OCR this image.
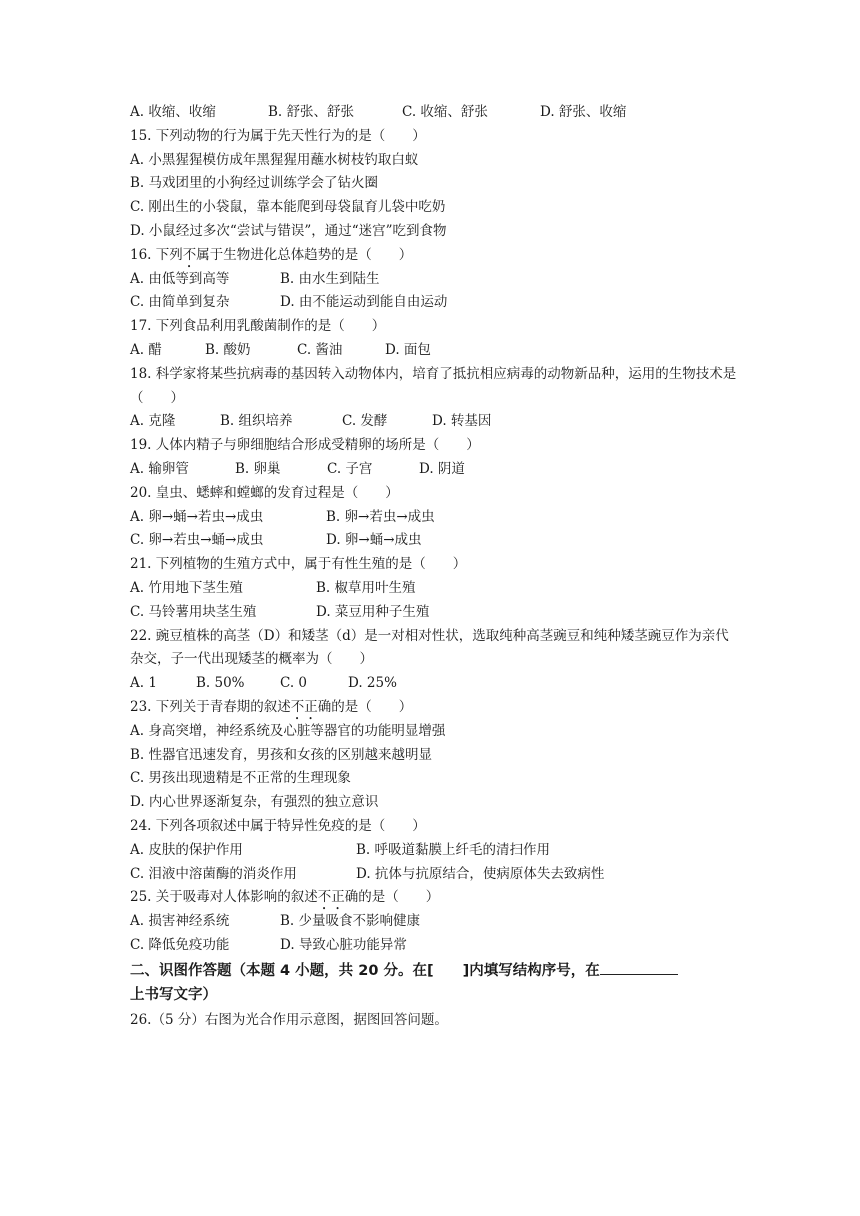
A. 收缩、收缩	B. 舒张、舒张	C. 收缩、舒张	D. 舒张、收缩
15. 下列动物的行为属于先天性行为的是（　　）
A. 小黑猩猩模仿成年黑猩猩用蘸水树枝钓取白蚁
B. 马戏团里的小狗经过训练学会了钻火圈
C. 刚出生的小袋鼠，靠本能爬到母袋鼠育儿袋中吃奶
D. 小鼠经过多次“尝试与错误”，通过“迷宫”吃到食物
16. 下列不属于生物进化总体趋势的是（　　）
A. 由低等到高等	B. 由水生到陆生
C. 由简单到复杂	D. 由不能运动到能自由运动
17. 下列食品利用乳酸菌制作的是（　　）
A. 醋	B. 酸奶	C. 酱油	D. 面包
18. 科学家将某些抗病毒的基因转入动物体内，培育了抵抗相应病毒的动物新品种，运用的生物技术是（　　）
A. 克隆	B. 组织培养	C. 发酵	D. 转基因
19. 人体内精子与卵细胞结合形成受精卵的场所是（　　）
A. 输卵管	B. 卵巢	C. 子宫	D. 阴道
20. 皇虫、蟋蟀和螳螂的发育过程是（　　）
A. 卵→蛹→若虫→成虫	B. 卵→若虫→成虫
C. 卵→若虫→蛹→成虫	D. 卵→蛹→成虫
21. 下列植物的生殖方式中，属于有性生殖的是（　　）
A. 竹用地下茎生殖	B. 椒草用叶生殖
C. 马铃薯用块茎生殖	D. 菜豆用种子生殖
22. 豌豆植株的高茎（D）和矮茎（d）是一对相对性状，选取纯种高茎豌豆和纯种矮茎豌豆作为亲代杂交，子一代出现矮茎的概率为（　　）
A. 1	B. 50%	C. 0	D. 25%
23. 下列关于青春期的叙述不正确的是（　　）
A. 身高突增，神经系统及心脏等器官的功能明显增强
B. 性器官迅速发育，男孩和女孩的区别越来越明显
C. 男孩出现遗精是不正常的生理现象
D. 内心世界逐渐复杂，有强烈的独立意识
24. 下列各项叙述中属于特异性免疫的是（　　）
A. 皮肤的保护作用	B. 呼吸道黏膜上纤毛的清扫作用
C. 泪液中溶菌酶的消炎作用	D. 抗体与抗原结合，使病原体失去致病性
25. 关于吸毒对人体影响的叙述不正确的是（　　）
A. 损害神经系统	B. 少量吸食不影响健康
C. 降低免疫功能	D. 导致心脏功能异常
二、识图作答题（本题 4 小题，共 20 分。在[　　]内填写结构序号，在
上书写文字）
26.（5 分）右图为光合作用示意图，据图回答问题。
